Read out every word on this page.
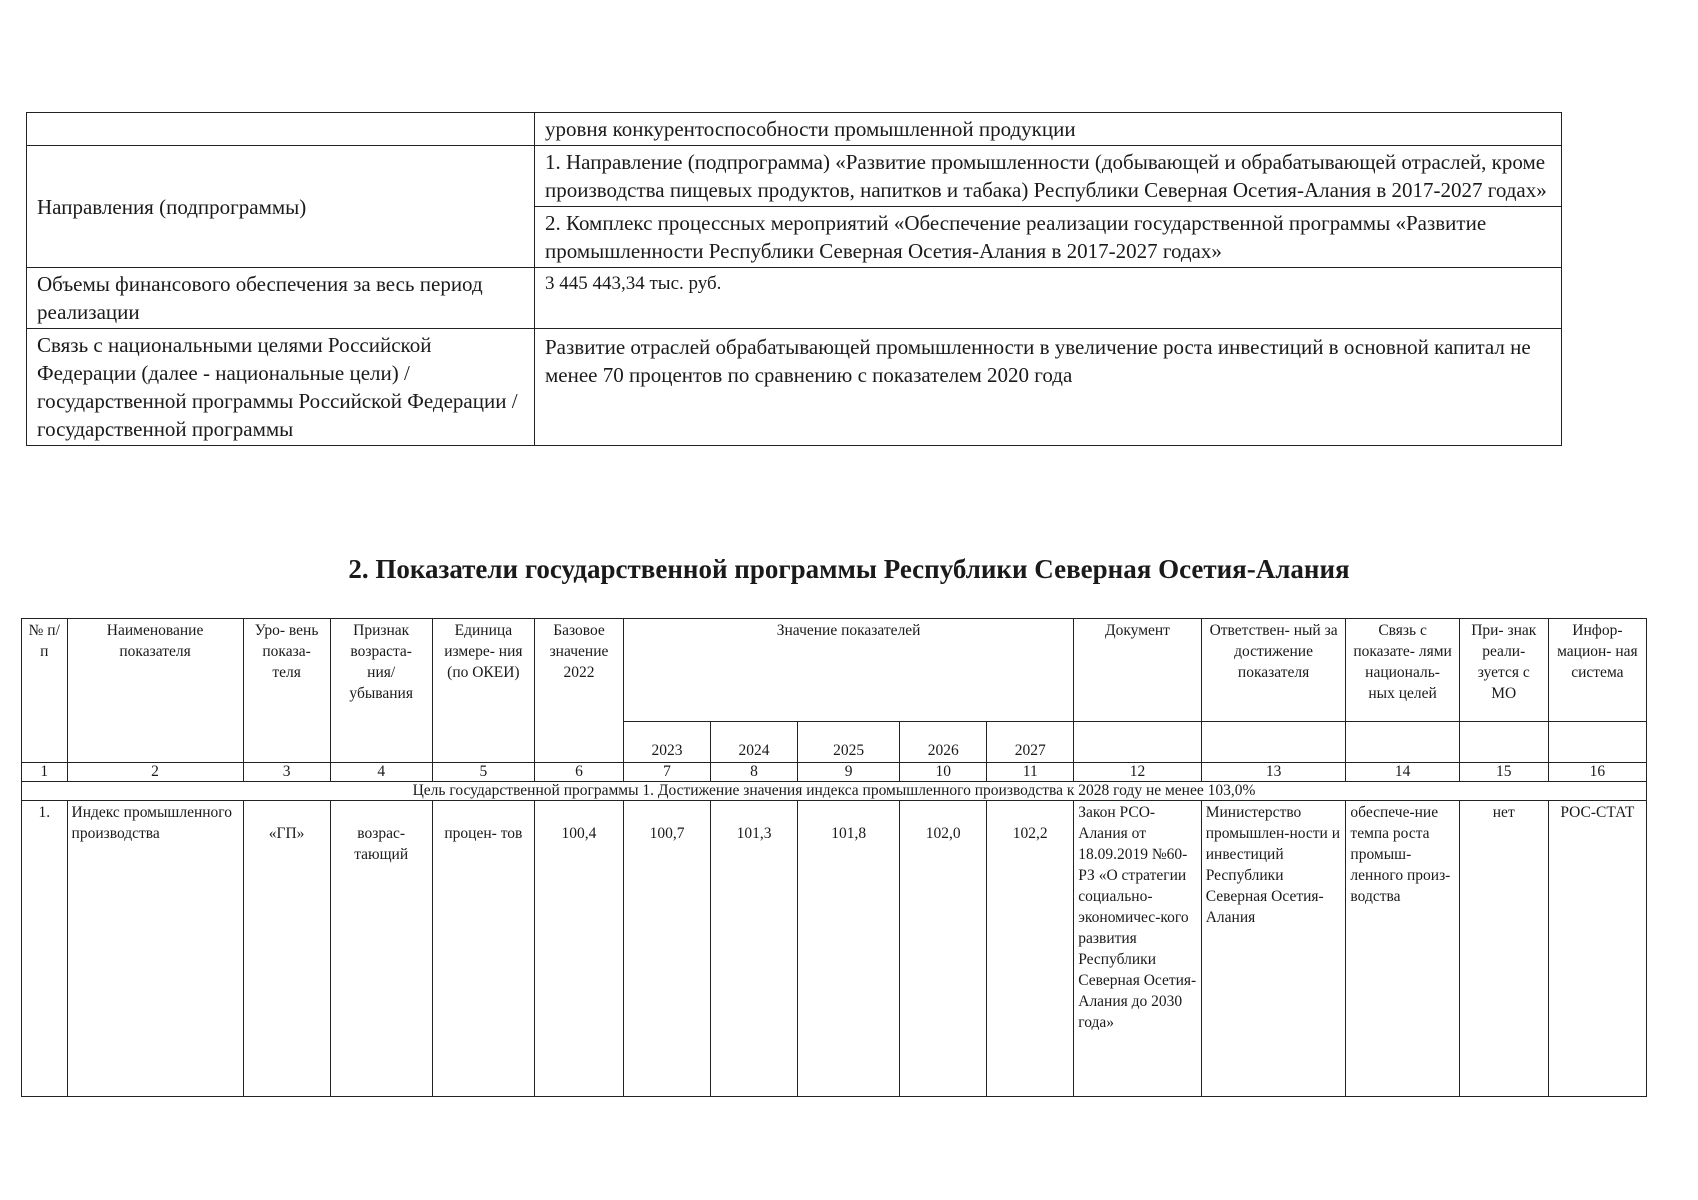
	уровня конкурентоспособности промышленной продукции
Направления (подпрограммы)	1. Направление (подпрограмма) «Развитие промышленности (добывающей и обрабатывающей отраслей, кроме производства пищевых продуктов, напитков и табака) Республики Северная Осетия-Алания в 2017-2027 годах»
	2. Комплекс процессных мероприятий «Обеспечение реализации государственной программы «Развитие промышленности Республики Северная Осетия-Алания в 2017-2027 годах»
Объемы финансового обеспечения за весь период реализации	3 445 443,34 тыс. руб.
Связь с национальными целями Российской Федерации (далее - национальные цели) / государственной программы Российской Федерации / государственной программы	Развитие отраслей обрабатывающей промышленности в увеличение роста инвестиций в основной капитал не менее 70 процентов по сравнению с показателем 2020 года
2. Показатели государственной программы Республики Северная Осетия-Алания
№ п/ п	Наименование показателя	Уро- вень показа- теля	Признак возраста- ния/ убывания	Единица измере- ния (по ОКЕИ)	Базовое значение 2022	Значение показателей					Документ	Ответствен- ный за достижение показателя	Связь с показате- лями националь- ных целей	При- знак реали- зуется с МО	Инфор- мацион- ная система
						2023	2024	2025	2026	2027					
1	2	3	4	5	6	7	8	9	10	11	12	13	14	15	16
Цель государственной программы 1. Достижение значения индекса промышленного производства к 2028 году не менее 103,0%															
1.	Индекс промышленного производства	«ГП»	возрас- тающий	процен- тов	100,4	100,7	101,3	101,8	102,0	102,2	Закон РСО-Алания от 18.09.2019 №60-РЗ «О стратегии социально-экономичес-кого развития Республики Северная Осетия-Алания до 2030 года»	Министерство промышлен-ности и инвестиций Республики Северная Осетия-Алания	обеспече-ние темпа роста промыш-ленного произ-водства	нет	РОС-СТАТ
